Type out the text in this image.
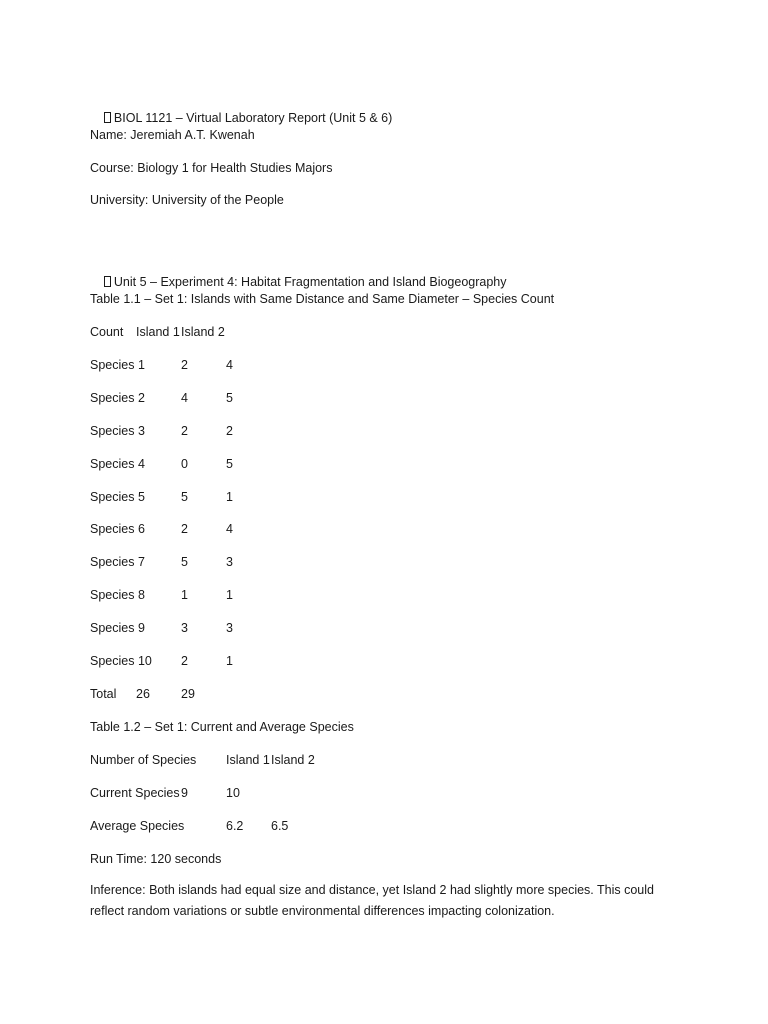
BIOL 1121 – Virtual Laboratory Report (Unit 5 & 6)

Name: Jeremiah A.T. Kwenah
Course: Biology 1 for Health Studies Majors
University: University of the People

Unit 5 – Experiment 4: Habitat Fragmentation and Island Biogeography

Table 1.1 – Set 1: Islands with Same Distance and Same Diameter – Species Count
Count Island 1 Island 2
Species 1	2	4
Species 2	4	5
Species 3	2	2
Species 4	0	5
Species 5	5	1
Species 6	2	4
Species 7	5	3
Species 8	1	1
Species 9	3	3
Species 10 2	1
Total 26 29
Table 1.2 – Set 1: Current and Average Species
Number of Species Island 1 Island 2
Current Species 9	10
Average Species	6.2 6.5
Run Time: 120 seconds
Inference: Both islands had equal size and distance, yet Island 2 had slightly more species. This could reflect random variations or subtle environmental differences impacting colonization.
